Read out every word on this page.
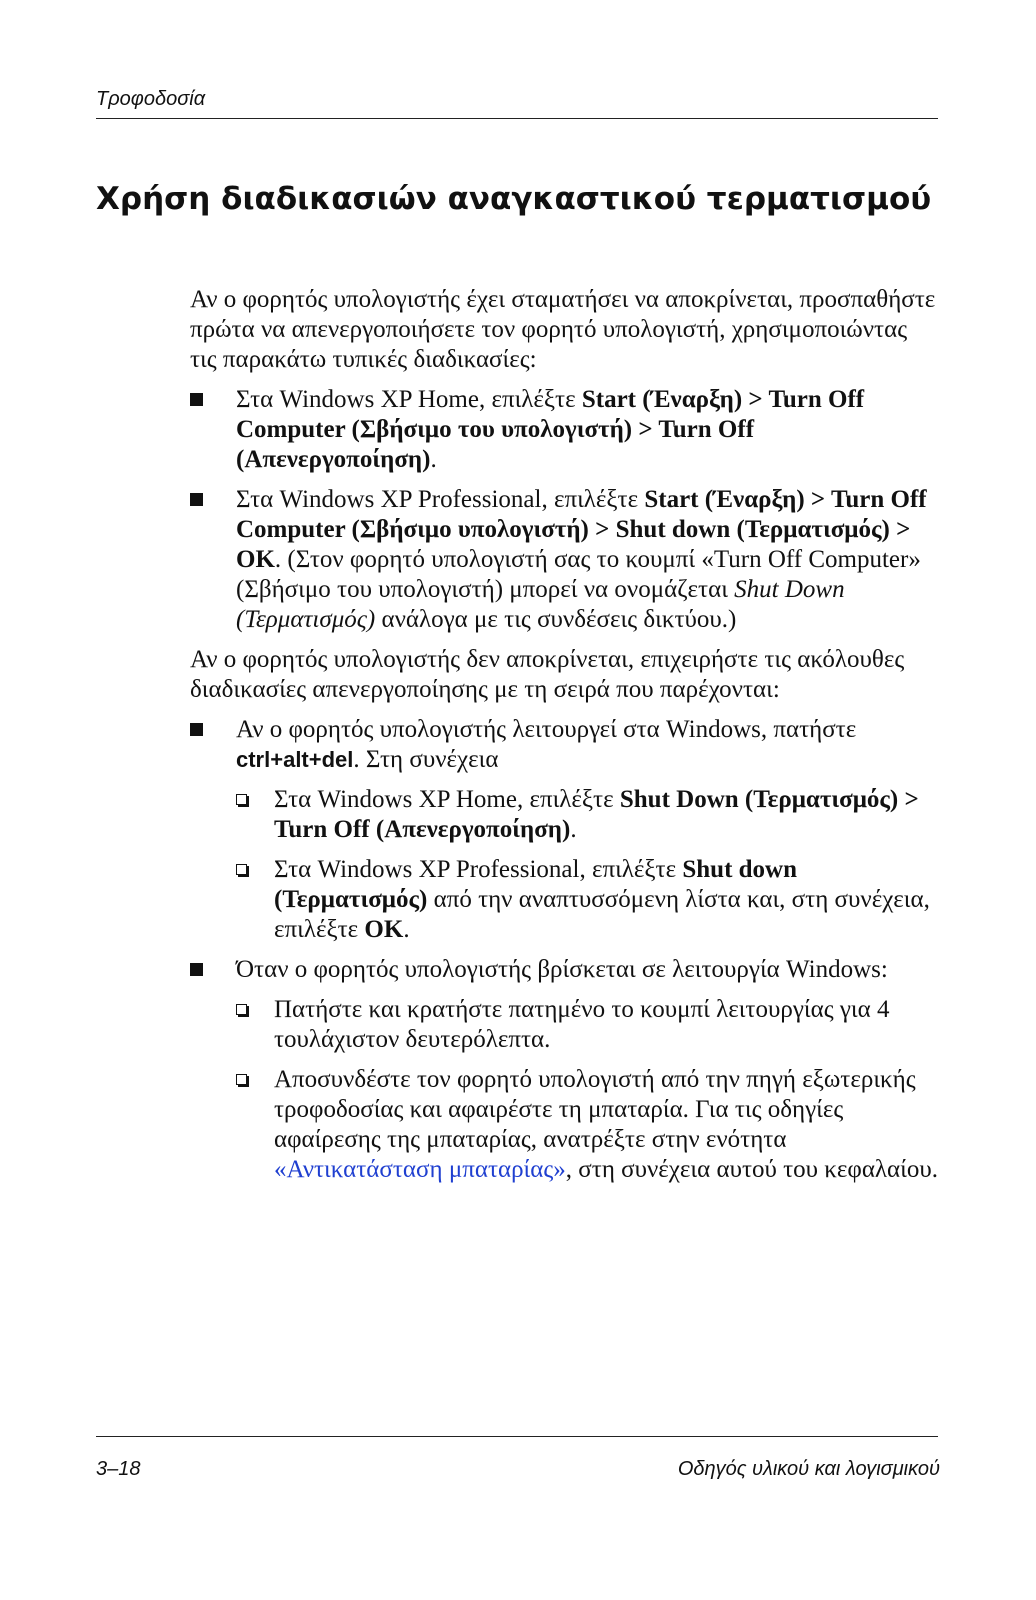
Τροφοδοσία
Χρήση διαδικασιών αναγκαστικού τερματισμού

Αν ο φορητός υπολογιστής έχει σταματήσει να αποκρίνεται, προσπαθήστε πρώτα να απενεργοποιήσετε τον φορητό υπολογιστή, χρησιμοποιώντας τις παρακάτω τυπικές διαδικασίες:

Στα Windows XP Home, επιλέξτε Start (Έναρξη) > Turn Off Computer (Σβήσιμο του υπολογιστή) > Turn Off (Απενεργοποίηση).
Στα Windows XP Professional, επιλέξτε Start (Έναρξη) > Turn Off Computer (Σβήσιμο υπολογιστή) > Shut down (Τερματισμός) > OK. (Στον φορητό υπολογιστή σας το κουμπί «Turn Off Computer» (Σβήσιμο του υπολογιστή) μπορεί να ονομάζεται Shut Down (Τερματισμός) ανάλογα με τις συνδέσεις δικτύου.)

Αν ο φορητός υπολογιστής δεν αποκρίνεται, επιχειρήστε τις ακόλουθες διαδικασίες απενεργοποίησης με τη σειρά που παρέχονται:

Αν ο φορητός υπολογιστής λειτουργεί στα Windows, πατήστε ctrl+alt+del. Στη συνέχεια
Στα Windows XP Home, επιλέξτε Shut Down (Τερματισμός) > Turn Off (Απενεργοποίηση).
Στα Windows XP Professional, επιλέξτε Shut down (Τερματισμός) από την αναπτυσσόμενη λίστα και, στη συνέχεια, επιλέξτε OK.
Όταν ο φορητός υπολογιστής βρίσκεται σε λειτουργία Windows:
Πατήστε και κρατήστε πατημένο το κουμπί λειτουργίας για 4 τουλάχιστον δευτερόλεπτα.
Αποσυνδέστε τον φορητό υπολογιστή από την πηγή εξωτερικής τροφοδοσίας και αφαιρέστε τη μπαταρία. Για τις οδηγίες αφαίρεσης της μπαταρίας, ανατρέξτε στην ενότητα «Αντικατάσταση μπαταρίας», στη συνέχεια αυτού του κεφαλαίου.
3–18	Οδηγός υλικού και λογισμικού
